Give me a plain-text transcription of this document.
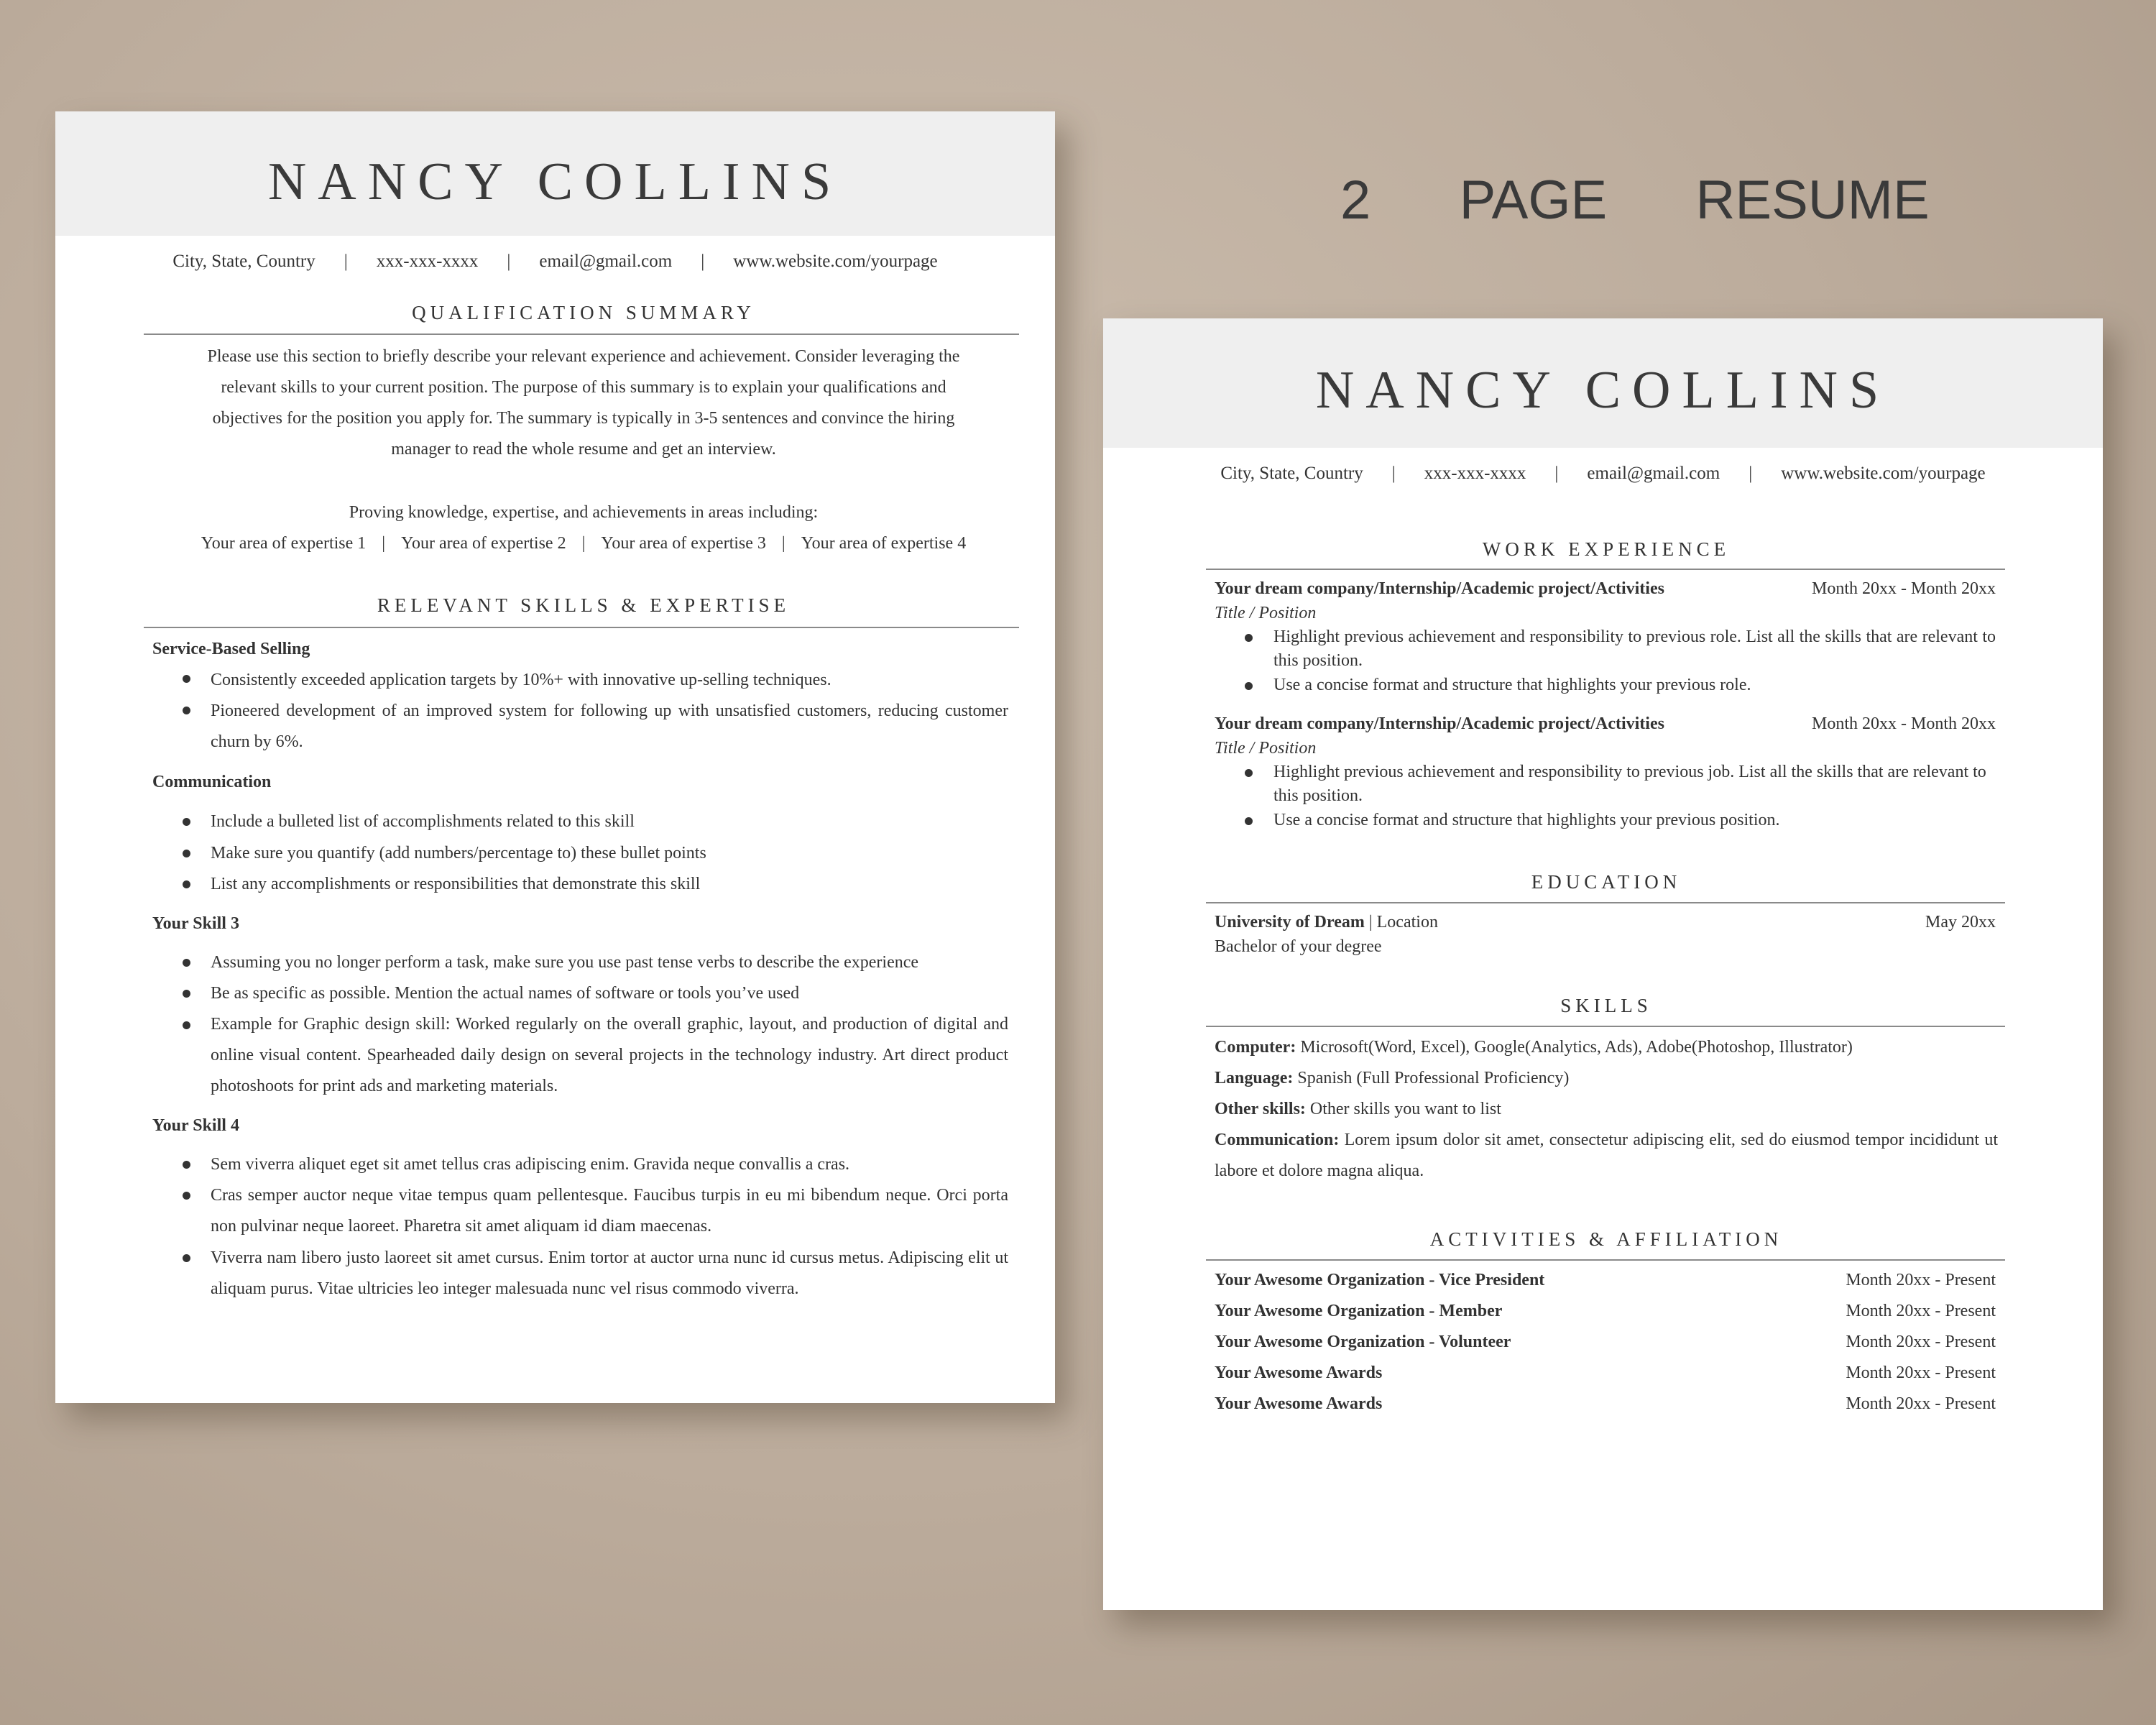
2   PAGE   RESUME
NANCY COLLINS
City, State, Country | xxx-xxx-xxxx | email@gmail.com | www.website.com/yourpage
QUALIFICATION SUMMARY
Please use this section to briefly describe your relevant experience and achievement. Consider leveraging the
relevant skills to your current position. The purpose of this summary is to explain your qualifications and
objectives for the position you apply for. The summary is typically in 3-5 sentences and convince the hiring
manager to read the whole resume and get an interview.
Proving knowledge, expertise, and achievements in areas including:
Your area of expertise 1 | Your area of expertise 2 | Your area of expertise 3 | Your area of expertise 4
RELEVANT SKILLS & EXPERTISE
Service-Based Selling
Consistently exceeded application targets by 10%+ with innovative up-selling techniques.
Pioneered development of an improved system for following up with unsatisfied customers, reducing customer churn by 6%.
Communication
Include a bulleted list of accomplishments related to this skill
Make sure you quantify (add numbers/percentage to) these bullet points
List any accomplishments or responsibilities that demonstrate this skill
Your Skill 3
Assuming you no longer perform a task, make sure you use past tense verbs to describe the experience
Be as specific as possible. Mention the actual names of software or tools you’ve used
Example for Graphic design skill: Worked regularly on the overall graphic, layout, and production of digital and online visual content. Spearheaded daily design on several projects in the technology industry. Art direct product photoshoots for print ads and marketing materials.
Your Skill 4
Sem viverra aliquet eget sit amet tellus cras adipiscing enim. Gravida neque convallis a cras.
Cras semper auctor neque vitae tempus quam pellentesque. Faucibus turpis in eu mi bibendum neque. Orci porta non pulvinar neque laoreet. Pharetra sit amet aliquam id diam maecenas.
Viverra nam libero justo laoreet sit amet cursus. Enim tortor at auctor urna nunc id cursus metus. Adipiscing elit ut aliquam purus. Vitae ultricies leo integer malesuada nunc vel risus commodo viverra.
NANCY COLLINS
City, State, Country | xxx-xxx-xxxx | email@gmail.com | www.website.com/yourpage
WORK EXPERIENCE
Your dream company/Internship/Academic project/Activities	Month 20xx - Month 20xx
Title / Position
Highlight previous achievement and responsibility to previous role. List all the skills that are relevant to this position.
Use a concise format and structure that highlights your previous role.
Your dream company/Internship/Academic project/Activities	Month 20xx - Month 20xx
Title / Position
Highlight previous achievement and responsibility to previous job. List all the skills that are relevant to this position.
Use a concise format and structure that highlights your previous position.
EDUCATION
University of Dream | Location	May 20xx
Bachelor of your degree
SKILLS
Computer: Microsoft(Word, Excel), Google(Analytics, Ads), Adobe(Photoshop, Illustrator)
Language: Spanish (Full Professional Proficiency)
Other skills: Other skills you want to list
Communication: Lorem ipsum dolor sit amet, consectetur adipiscing elit, sed do eiusmod tempor incididunt ut labore et dolore magna aliqua.
ACTIVITIES & AFFILIATION
Your Awesome Organization - Vice President	Month 20xx - Present
Your Awesome Organization - Member	Month 20xx - Present
Your Awesome Organization - Volunteer	Month 20xx - Present
Your Awesome Awards	Month 20xx - Present
Your Awesome Awards	Month 20xx - Present
